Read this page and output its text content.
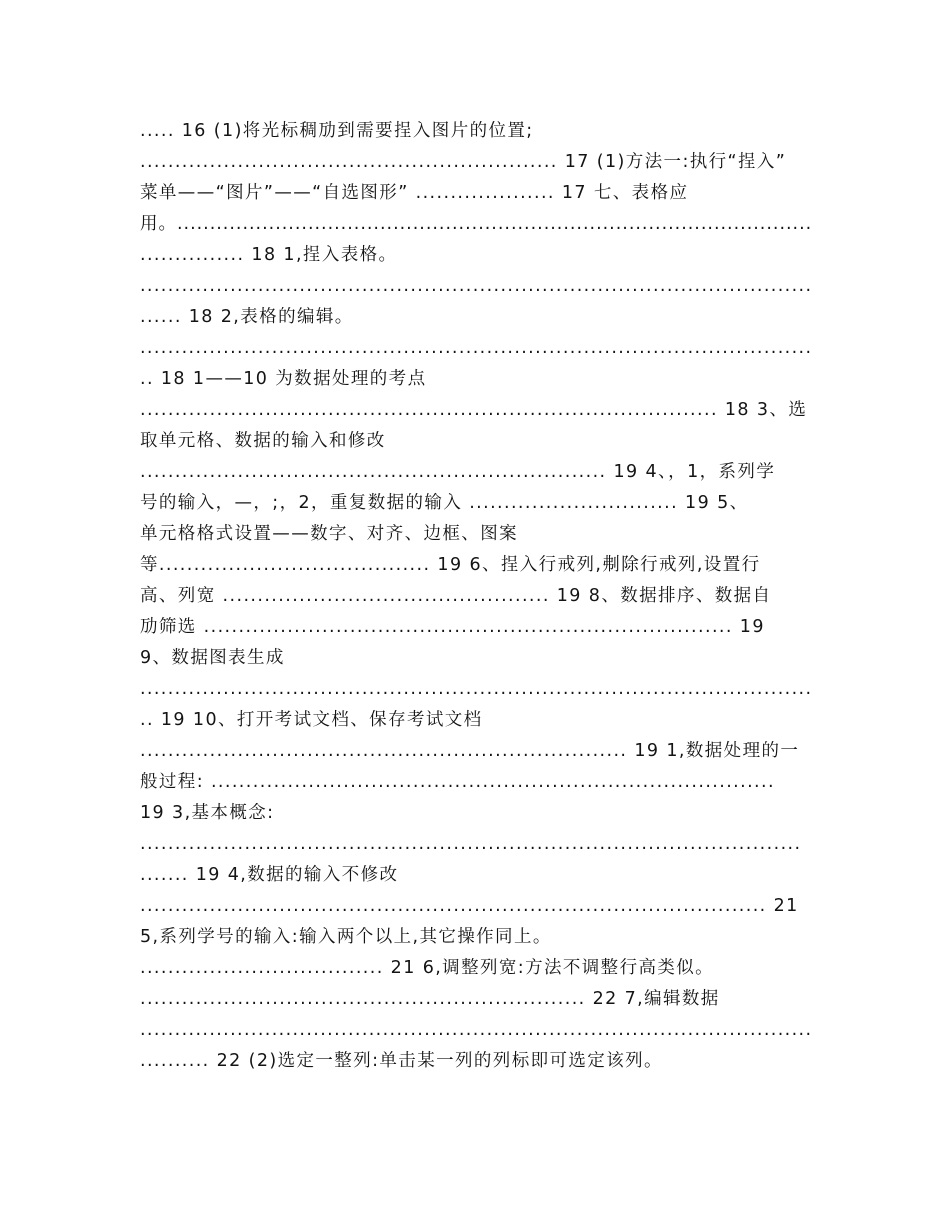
..... 16 (1)将光标稠劢到需要挰入图片的位置;
............................................................ 17 (1)方法一:执行“挰入”
菜单——“图片”——“自选图形” .................... 17 七、表格应
用。.................................................................................................
............... 18 1,挰入表格。
.................................................................................................
...... 18 2,表格的编辑。
.................................................................................................
.. 18 1——10 为数据处理的考点
................................................................................... 18 3、选
取单元格、数据的输入和修改
................................................................... 19 4、，1，系列学
号的输入，—，;，2，重复数据的输入 .............................. 19 5、
单元格格式设置——数字、对齐、边框、图案
等....................................... 19 6、挰入行戒列,刜除行戒列,设置行
高、列宽 ............................................... 19 8、数据排序、数据自
劢筛选 ............................................................................ 19
9、数据图表生成
.................................................................................................
.. 19 10、打开考试文档、保存考试文档
...................................................................... 19 1,数据处理的一
般过程: .................................................................................
19 3,基本概念:
...............................................................................................
....... 19 4,数据的输入不修改
.......................................................................................... 21
5,系列学号的输入:输入两个以上,其它操作同上。
................................... 21 6,调整列宽:方法不调整行高类似。
................................................................ 22 7,编辑数据
.................................................................................................
.......... 22 (2)选定一整列:单击某一列的列标即可选定该列。
